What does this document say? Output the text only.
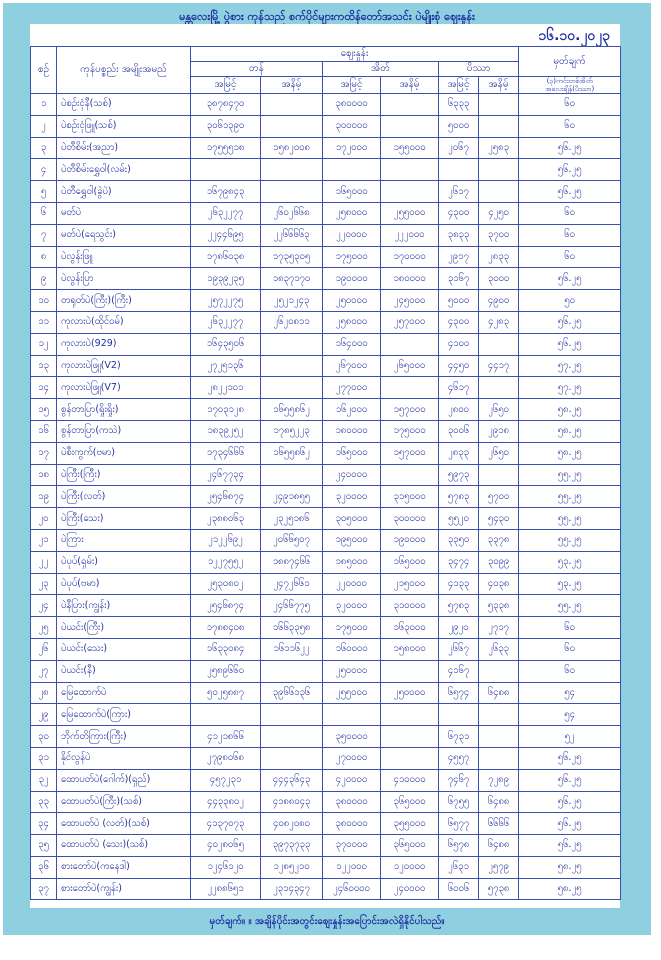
မန္တလေးမြို့ ပွဲစား ကုန်သည် စက်ပိုင်များကထိန်တော်အသင်း ပဲမျိုးစုံ ဈေးနှုန်း
မှတ်ချက်။ ။ အချိန်ပိုင်းအတွင်းဈေးနှုန်းအပြောင်းအလဲရှိနိုင်ပါသည်။
၁၆.၁၀.၂၀၂၃
စဉ်	ကုန်ပစ္စည်း အမျိုးအမည်	ဈေးနှုန်း						မှတ်ချက်
		တန်		အိတ်		ပိဿာ		
		အမြင့်	အနိမ့်	အမြင့်	အနိမ့်	အမြင့်	အနိမ့်	(၃)ကင်းတစ်အိတ် အလေးချိန်(ပိဿာ)
၁	ပဲစဉ်းငုံနီ(သစ်)	၃၈၇၈၄၇၀		၃၈၀၀၀၀		၆၃၃၃		၆၀
၂	ပဲစဉ်းငုံဖြူ(သစ်)	၃၀၆၁၃၉၀		၃၀၀၀၀၀		၅၀၀၀		၆၀
၃	ပဲတီစိမ်း(အညာ)	၁၇၅၅၅၁၈	၁၅၈၂၀၀၈	၁၇၂၀၀၀	၁၅၅၀၀၀	၂၀၆၇	၂၅၈၃	၅၆.၂၅
၄	ပဲတီစိမ်းရွှေဝါ(လမ်း)							၅၆.၂၅
၅	ပဲတီရွှေဝါ(ခွဲပဲ)	၁၆၇၉၈၄၃		၁၆၅၀၀၀		၂၆၁၇		၅၆.၂၅
၆	မတ်ပဲ	၂၆၃၂၂၇၇	၂၆၀၂၆၆၈	၂၅၈၀၀၀	၂၅၅၀၀၀	၄၃၀၀	၄၂၅၀	၆၀
၇	မတ်ပဲ(ရေသွင်း)	၂၂၄၄၆၉၅	၂၂၆၆၆၆၃	၂၂၀၀၀၀	၂၂၂၀၀၀	၃၈၃၃	၃၇၀၀	၆၀
၈	ပဲလွန်းဖြူ	၁၇၈၆၀၃၈	၁၇၃၅၃၀၅	၁၇၅၀၀၀	၁၇၀၀၀၀	၂၉၁၇	၂၈၃၃	၆၀
၉	ပဲလွန်းပြာ	၁၉၃၉၂၃၅	၁၈၃၇၁၇၀	၁၉၀၀၀၀	၁၈၀၀၀၀	၃၁၆၇	၃၀၀၀	၅၆.၂၅
၁၀	တရုတ်ပဲ(ကြီး)(ကြီး)	၂၅၇၂၂၇၅	၂၅၂၁၂၄၃	၂၅၀၀၀၀	၂၄၅၀၀၀	၅၀၀၀	၄၉၀၀	၅၀
၁၁	ကုလားပဲ(ထိုင်ဝမ်)	၂၆၃၂၂၇၇	၂၆၂၀၈၁၁	၂၅၈၀၀၀	၂၅၇၀၀၀	၄၃၀၀	၄၂၈၃	၅၆.၂၅
၁၂	ကုလားပဲ(929)	၁၆၄၃၅၀၆		၁၆၄၀၀၀		၄၁၀၀		၅၆.၂၅
၁၃	ကုလားပဲဖြူ(V2)	၂၇၂၅၁၃၆		၂၆၇၀၀၀	၂၆၅၀၀၀	၄၄၅၀	၄၄၁၇	၅၇.၂၅
၁၄	ကုလားပဲဖြူ(V7)	၂၈၂၂၁၀၁		၂၇၇၀၀၀		၄၆၁၇		၅၇.၂၅
၁၅	စွန်တာပြာ(ရှိုးရှိုး)	၁၇၀၃၁၂၈	၁၆၅၅၈၆၂	၁၆၂၀၀၀	၁၅၇၀၀၀	၂၈၀၀	၂၆၅၀	၅၈.၂၅
၁၆	စွန်တာပြာ(ကသဲ)	၁၈၃၉၂၅၂	၁၇၈၅၂၂၃	၁၈၀၀၀၀	၁၇၅၀၀၀	၃၀၀၆	၂၉၁၈	၅၈.၂၅
၁၇	ပဲစီးကွက်(ဗမာ)	၁၇၃၄၆၆၆	၁၆၅၅၈၆၂	၁၆၅၀၀၀	၁၅၇၀၀၀	၂၈၃၃	၂၆၅၀	၅၈.၂၅
၁၈	ပဲကြီး(ကြီး)	၂၄၆၇၇၃၄		၂၄၀၀၀၀		၅၉၇၃		၅၅.၂၅
၁၉	ပဲကြီး(လတ်)	၂၅၄၆၈၇၄	၂၄၉၁၈၅၅	၃၂၀၀၀၀	၃၁၅၀၀၀	၅၇၈၃	၅၇၀၀	၅၅.၂၅
၂၀	ပဲကြီး(သေး)	၂၃၈၈၀၆၃	၂၃၂၅၁၈၆	၃၀၅၀၀၀	၃၀၀၀၀၀	၅၅၂၀	၅၄၃၀	၅၅.၂၅
၂၁	ပဲကြား	၂၁၂၂၆၉၂	၂၀၆၆၅၀၇	၁၉၅၀၀၀	၁၉၀၀၀၀	၃၃၅၀	၃၃၇၈	၅၅.၂၅
၂၂	ပဲပုပ်(ရှမ်း)	၁၂၂၇၅၅၂	၁၈၈၇၄၆၆	၁၈၅၀၀၀	၁၆၅၀၀၀	၃၄၇၄	၃၀၉၉	၅၃.၂၅
၂၃	ပဲပုပ်(ဗမာ)	၂၅၃၀၈၀၂	၂၄၇၂၆၆၁	၂၂၀၀၀၀	၂၁၅၀၀၀	၄၁၃၃	၄၀၃၈	၅၃.၂၅
၂၄	ပဲနီပြား(ကျွန်း)	၂၅၄၆၈၇၄	၂၄၆၆၇၇၅	၃၂၀၀၀၀	၃၁၀၀၀၀	၅၇၈၃	၅၃၃၈	၅၅.၂၅
၂၅	ပဲယင်း(ကြီး)	၁၇၈၈၄၀၈	၁၆၆၃၃၅၈	၁၇၅၀၀၀	၁၆၃၀၀၀	၂၉၂၀	၂၇၁၇	၆၀
၂၆	ပဲယင်း(သေး)	၁၆၃၃၀၈၄	၁၆၁၁၆၂၂	၁၆၀၀၀၀	၁၅၈၀၀၀	၂၆၆၇	၂၆၃၃	၆၀
၂၇	ပဲယင်း(နီ)	၂၅၈၉၆၆၀		၂၅၀၀၀၀		၄၁၆၇		၆၀
၂၈	မြေထောက်ပဲ	၅၀၂၅၈၈၇	၃၉၆၆၁၃၆	၂၅၅၀၀၀	၂၅၀၀၀၀	၆၅၇၄	၆၄၈၈	၅၄
၂၉	မြေထောက်ပဲ(ကြား)							၅၄
၃၀	ဘိုက်တိကြား(ကြီး)	၄၁၂၁၈၆၆		၃၅၀၀၀၀		၆၇၃၁		၅၂
၃၁	နိုင်လွန်ပဲ	၂၇၉၈၀၆၈		၂၇၀၀၀၀		၄၅၅၇		၅၆.၂၅
၃၂	ထောပတ်ပဲ(ဂေါက်)(ရှည်)	၄၅၇၂၃၁	၄၄၄၃၆၄၃	၄၂၀၀၀၀	၄၁၀၀၀၀	၇၄၆၇	၇၂၈၉	၅၆.၂၅
၃၃	ထောပတ်ပဲ(ကြီး)(သစ်)	၄၄၃၃၈၀၂	၄၁၈၈၀၄၃	၃၈၀၀၀၀	၃၆၅၀၀၀	၆၇၅၅	၆၄၈၈	၅၆.၂၅
၃၄	ထောပတ်ပဲ (လတ်)(သစ်)	၄၁၃၇၀၇၃	၄၀၈၂၀၈၀	၃၈၀၀၀၀	၃၅၅၀၀၀	၆၅၇၇	၆၆၆၆	၅၆.၂၅
၃၅	ထောပတ်ပဲ (သေး)(သစ်)	၄၀၂၈၀၆၅	၃၉၇၃၇၃၃	၃၇၀၀၀၀	၃၆၅၀၀၀	၆၅၇၈	၆၄၈၈	၅၆.၂၅
၃၆	စားတော်ပဲ(ကနေဒါ)	၁၂၄၆၁၂၀	၁၂၈၅၂၁၀	၁၂၂၀၀၀	၁၂၀၀၀၀	၂၆၃၁	၂၅၇၉	၅၈.၂၅
၃၇	စားတော်ပဲ(ကျွန်း)	၂၂၈၈၆၅၁	၂၃၁၄၃၄၇	၂၄၆၀၀၀၀	၂၄၀၀၀၀	၆၀၀၆	၅၇၃၈	၅၈.၂၅
